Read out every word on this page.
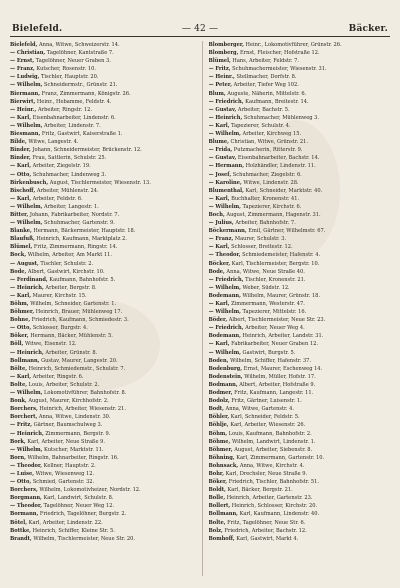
Bielefeld.	— 42 —	Bäcker.
Bielefeld, Anna, Witwe, Schweizerstr. 14.
— Christian, Tagelöhner, Kantstraße 7.
— Ernst, Tagelöhner, Neuer Graben 3.
— Franz, Kutscher, Rosenstr. 10.
— Ludwig, Tischler, Hauptstr. 20.
— Wilhelm, Schneidermstr., Grünstr. 21.
Biermann, Franz, Zimmermann, Königstr. 26.
Bierwirt, Heinr., Hebamme, Feldstr. 4.
— Heinr., Arbeiter, Ringstr. 12.
— Karl, Eisenbahnarbeiter, Lindenstr. 6.
— Wilhelm, Arbeiter, Lindenstr. 7.
Biesmann, Fritz, Gastwirt, Kaiserstraße 1.
Bilde, Witwe, Langestr. 4.
Binder, Johann, Schneidermeister, Brückenstr. 12.
Binder, Frau, Sattlerin, Schulstr. 25.
— Karl, Arbeiter, Ziegelstr. 19.
— Otto, Schuhmacher, Lindenweg 3.
Birkenbusch, August, Tischlermeister, Wiesenstr. 13.
Bischoff, Arbeiter, Mühlenstr. 24.
— Karl, Arbeiter, Feldstr. 6.
— Wilhelm, Arbeiter, Langestr. 1.
Bitter, Johann, Fabrikarbeiter, Nordstr. 7.
— Wilhelm, Schuhmacher, Gartenstr. 9.
Blanke, Hermann, Bäckermeister, Hauptstr. 18.
Blaufuß, Heinrich, Kaufmann, Marktplatz 2.
Blümel, Fritz, Zimmermann, Ringstr. 14.
Bock, Wilhelm, Arbeiter, Am Markt 11.
— August, Tischler, Schulstr. 2.
Bode, Albert, Gastwirt, Kirchstr. 10.
— Ferdinand, Kaufmann, Bahnhofstr. 5.
— Heinrich, Arbeiter, Bergstr. 8.
— Karl, Maurer, Kirchstr. 15.
Böhm, Wilhelm, Schneider, Gartenstr. 1.
Böhmer, Heinrich, Brauer, Mühlenweg 17.
Bohne, Friedrich, Kaufmann, Schmiedestr. 3.
— Otto, Schlosser, Burgstr. 4.
Böker, Hermann, Bäcker, Mühlenstr. 5.
Böll, Witwe, Eisenstr. 12.
— Heinrich, Arbeiter, Grünstr. 8.
Bollmann, Gustav, Maurer, Langestr. 20.
Bölte, Heinrich, Schmiedemstr., Schulstr. 7.
— Karl, Arbeiter, Ringstr. 6.
Bolte, Louis, Arbeiter, Schulstr. 2.
— Wilhelm, Lokomotivführer, Bahnhofstr. 8.
Bonk, August, Maurer, Kirchhofstr. 2.
Borchers, Heinrich, Arbeiter, Wiesenstr. 21.
Borchert, Anna, Witwe, Lindenstr. 30.
— Fritz, Gärtner, Baumschulweg 3.
— Heinrich, Zimmermann, Bergstr. 9.
Bork, Karl, Arbeiter, Neue Straße 9.
— Wilhelm, Kutscher, Marktstr. 11.
Born, Wilhelm, Bahnarbeiter, Ringstr. 16.
— Theodor, Kellner, Hauptstr. 2.
— Luise, Witwe, Wiesenweg 12.
— Otto, Schmied, Gartenstr. 32.
Borchers, Wilhelm, Lokomotivheizer, Nordstr. 12.
Borgmann, Karl, Landwirt, Schulstr. 8.
— Theodor, Tagelöhner, Neuer Weg 12.
Bormann, Friedrich, Tagelöhner, Burgstr. 2.
Bötel, Karl, Arbeiter, Lindenstr. 22.
Bottke, Heinrich, Schiffer, Kleine Str. 5.
Brandt, Wilhelm, Tischlermeister, Neue Str. 20.
Blomberger, Heinr., Lokomotivführer, Grünstr. 26.
Blomberg, Ernst, Fleischer, Hofstraße 12.
Blümel, Hans, Arbeiter, Feldstr. 7.
— Fritz, Schuhmachermeister, Wiesenstr. 31.
— Heinr., Stellmacher, Dorfstr. 8.
— Peter, Arbeiter, Tiefer Weg 102.
Blum, Auguste, Näherin, Mittelstr. 6.
— Friedrich, Kaufmann, Breitestr. 14.
— Gustav, Arbeiter, Bachstr. 5.
— Heinrich, Schuhmacher, Mühlenweg 3.
— Karl, Tapezierer, Schulstr. 4.
— Wilhelm, Arbeiter, Kirchweg 15.
Blume, Christian, Witwe, Grünstr. 21.
— Frida, Putzmacherin, Ritterstr. 9.
— Gustav, Eisenbahnarbeiter, Bachstr. 14.
— Hermann, Holzhändler, Lindenstr. 11.
— Josef, Schuhmacher, Ziegelstr. 6.
— Karoline, Witwe, Lindenstr. 28.
Blumenthal, Karl, Schneider, Marktstr. 40.
— Karl, Buchhalter, Kronenstr. 41.
— Wilhelm, Tapezierer, Kirchstr. 6.
Boch, August, Zimmermann, Hagenstr. 31.
— Julius, Arbeiter, Bahnhofstr. 7.
Böckermann, Emil, Gärtner, Wilhelmstr. 67.
— Franz, Maurer, Schulstr. 3.
— Karl, Schlosser, Breitestr. 12.
— Theodor, Schmiedemeister, Hafenstr. 4.
Böcker, Karl, Tischlermeister, Bergstr. 10.
Bode, Anna, Witwe, Neue Straße 40.
— Friedrich, Tischler, Kronenstr. 21.
— Wilhelm, Weber, Südstr. 12.
Bodemann, Wilhelm, Maurer, Grünstr. 18.
— Karl, Zimmermann, Westerstr. 47.
— Wilhelm, Tapezierer, Mittelstr. 16.
Böder, Albert, Tischlermeister, Neue Str. 23.
— Friedrich, Arbeiter, Neuer Weg 4.
Bodemann, Heinrich, Arbeiter, Landstr. 31.
— Karl, Fabrikarbeiter, Neuer Graben 12.
— Wilhelm, Gastwirt, Burgstr. 5.
Boden, Wilhelm, Schiffer, Hafenstr. 37.
Bodenburg, Ernst, Maurer, Eschenweg 14.
Bodenstein, Wilhelm, Müller, Hofstr. 17.
Bodmann, Albert, Arbeiter, Hofstraße 9.
Bodmer, Fritz, Kaufmann, Langestr. 11.
Bodolz, Fritz, Gärtner, Luisenstr. 1.
Bodt, Anna, Witwe, Gartenstr. 4.
Böhler, Karl, Schneider, Feldstr. 5.
Böhlje, Karl, Arbeiter, Wiesenstr. 26.
Böhm, Louis, Kaufmann, Bahnhofstr. 2.
Böhme, Wilhelm, Landwirt, Lindenstr. 1.
Böhmer, August, Arbeiter, Siebenstr. 8.
Böhning, Karl, Zimmermann, Gartenstr. 10.
Bohnsack, Anna, Witwe, Kirchstr. 4.
Bohr, Karl, Drechsler, Neue Straße 9.
Böker, Friedrich, Tischler, Bahnhofstr. 51.
Boldt, Karl, Bäcker, Bergstr. 21.
Bolle, Heinrich, Arbeiter, Gartenstr. 23.
Bollert, Heinrich, Schlosser, Kirchstr. 20.
Bollmann, Karl, Kaufmann, Lindenstr. 40.
Bolte, Fritz, Tagelöhner, Neue Str. 6.
Bolz, Friedrich, Arbeiter, Bachstr. 12.
Bomhoff, Karl, Gastwirt, Markt 4.
